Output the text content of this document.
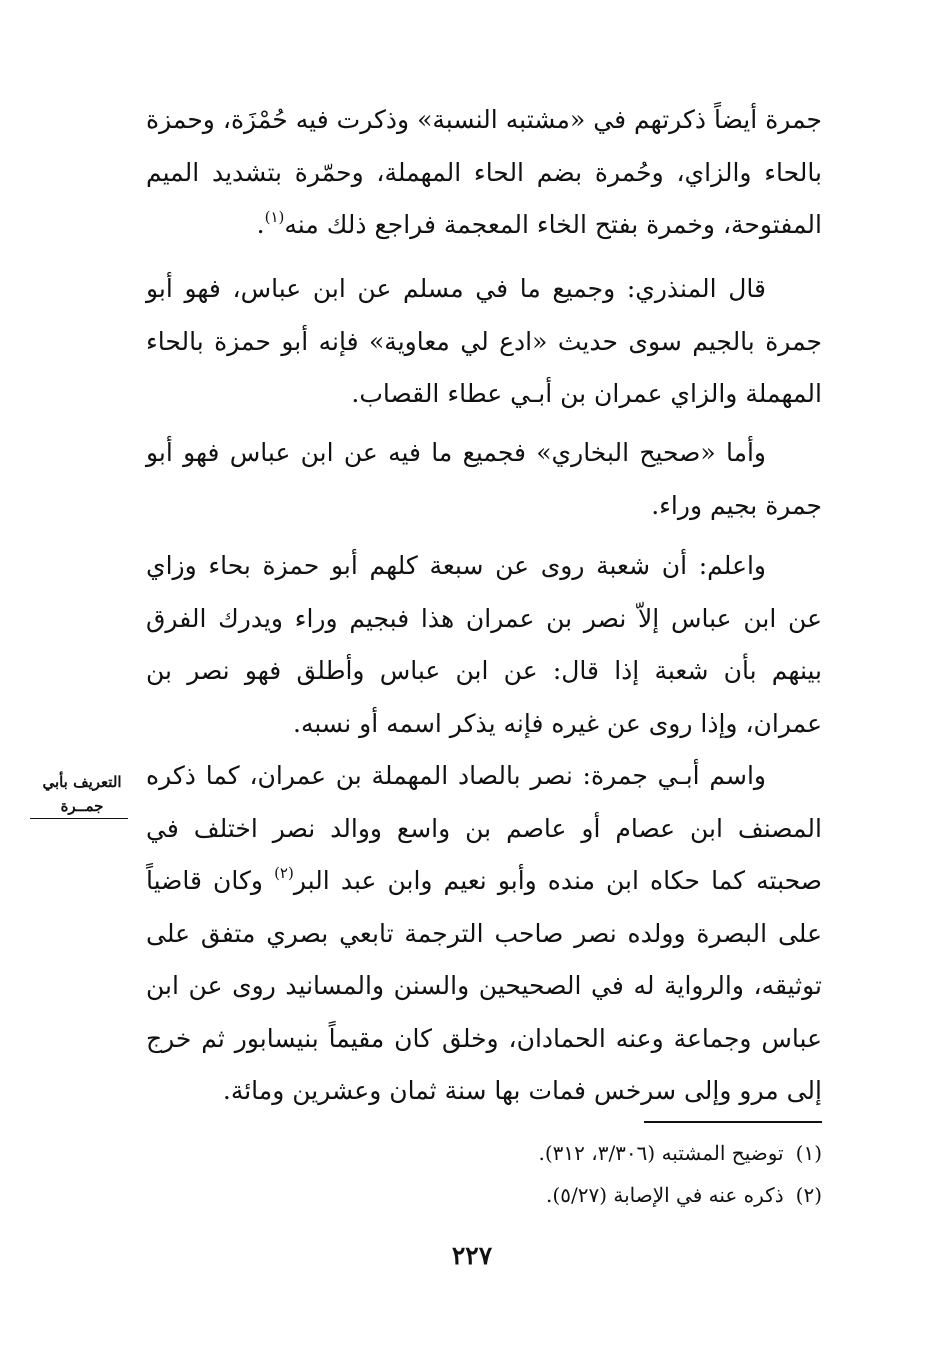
جمرة أيضاً ذكرتهم في «مشتبه النسبة» وذكرت فيه حُمْزَة، وحمزة بالحاء والزاي، وحُمرة بضم الحاء المهملة، وحمّرة بتشديد الميم المفتوحة، وخمرة بفتح الخاء المعجمة فراجع ذلك منه$^{(١)}$.

قال المنذري: وجميع ما في مسلم عن ابن عباس، فهو أبو جمرة بالجيم سوى حديث «ادع لي معاوية» فإنه أبو حمزة بالحاء المهملة والزاي عمران بن أبـي عطاء القصاب.

وأما «صحيح البخاري» فجميع ما فيه عن ابن عباس فهو أبو جمرة بجيم وراء.

واعلم: أن شعبة روى عن سبعة كلهم أبو حمزة بحاء وزاي عن ابن عباس إلاّ نصر بن عمران هذا فبجيم وراء ويدرك الفرق بينهم بأن شعبة إذا قال: عن ابن عباس وأطلق فهو نصر بن عمران، وإذا روى عن غيره فإنه يذكر اسمه أو نسبه.

واسم أبـي جمرة: نصر بالصاد المهملة بن عمران، كما ذكره المصنف ابن عصام أو عاصم بن واسع ووالد نصر اختلف في صحبته كما حكاه ابن منده وأبو نعيم وابن عبد البر$^{(٢)}$ وكان قاضياً على البصرة وولده نصر صاحب الترجمة تابعي بصري متفق على توثيقه، والرواية له في الصحيحين والسنن والمسانيد روى عن ابن عباس وجماعة وعنه الحمادان، وخلق كان مقيماً بنيسابور ثم خرج إلى مرو وإلى سرخس فمات بها سنة ثمان وعشرين ومائة.

التعريف بأبي
جمــرة

(١)توضيح المشتبه (٣/٣٠٦، ٣١٢).

(٢)ذكره عنه في الإصابة (٥/٢٧).

٢٢٧
